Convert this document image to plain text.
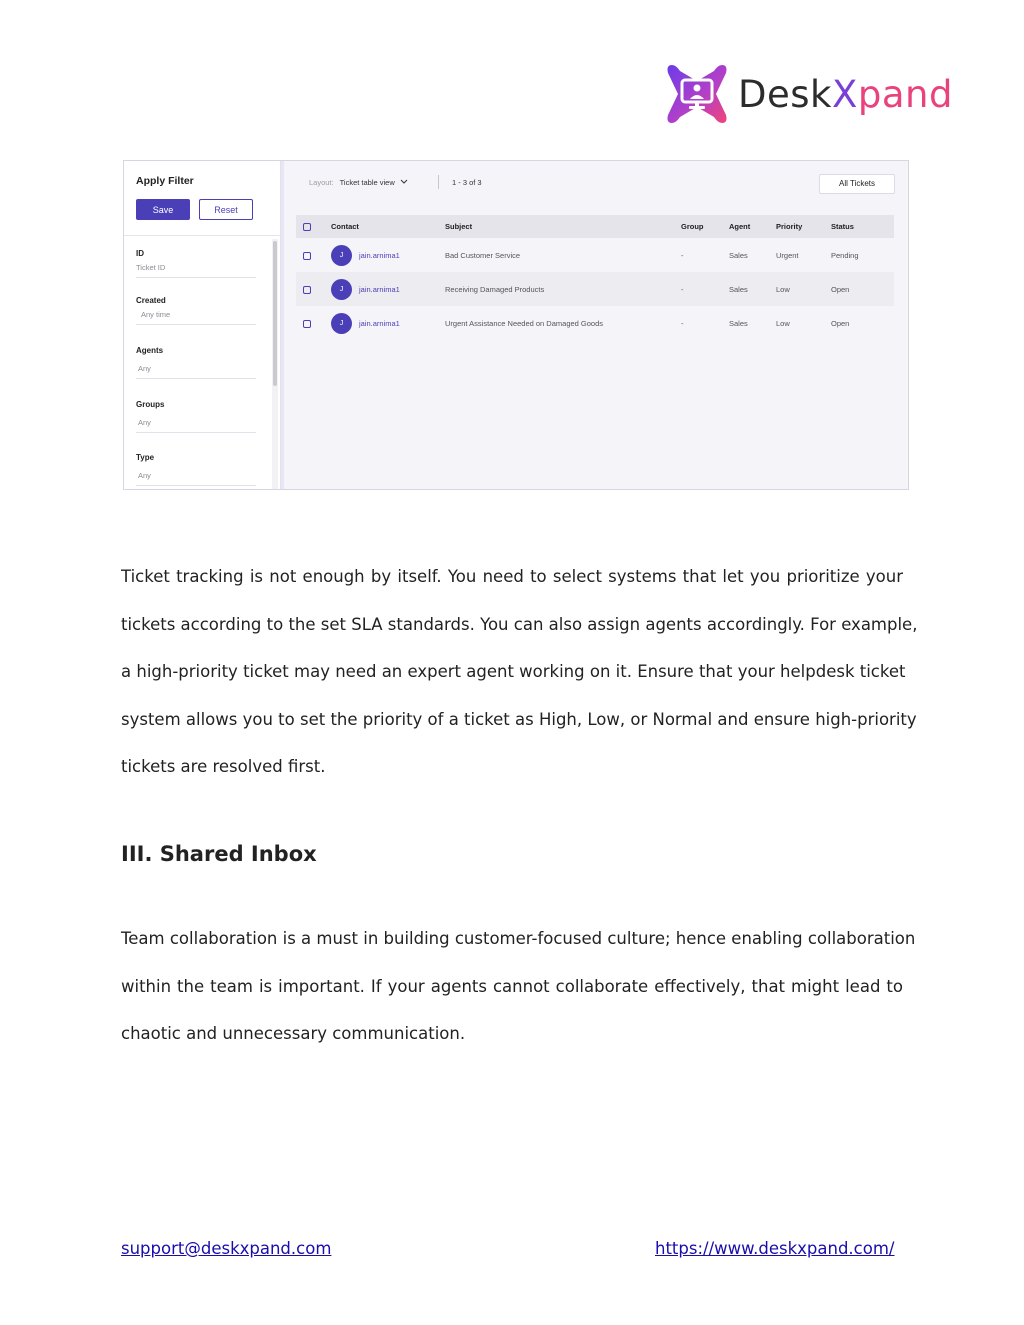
DeskXpand
Apply Filter
Save	Reset
ID
Ticket ID
Created
Any time
Agents
Any
Groups
Any
Type
Any
Layout: Ticket table view	1 - 3 of 3	All Tickets
	Contact	Subject	Group	Agent	Priority	Status
	J jain.arnima1	Bad Customer Service	-	Sales	Urgent	Pending
	J jain.arnima1	Receiving Damaged Products	-	Sales	Low	Open
	J jain.arnima1	Urgent Assistance Needed on Damaged Goods	-	Sales	Low	Open
Ticket tracking is not enough by itself. You need to select systems that let you prioritize your
tickets according to the set SLA standards. You can also assign agents accordingly. For example,
a high-priority ticket may need an expert agent working on it. Ensure that your helpdesk ticket
system allows you to set the priority of a ticket as High, Low, or Normal and ensure high-priority
tickets are resolved first.
III. Shared Inbox
Team collaboration is a must in building customer-focused culture; hence enabling collaboration
within the team is important. If your agents cannot collaborate effectively, that might lead to
chaotic and unnecessary communication.
support@deskxpand.com	https://www.deskxpand.com/
